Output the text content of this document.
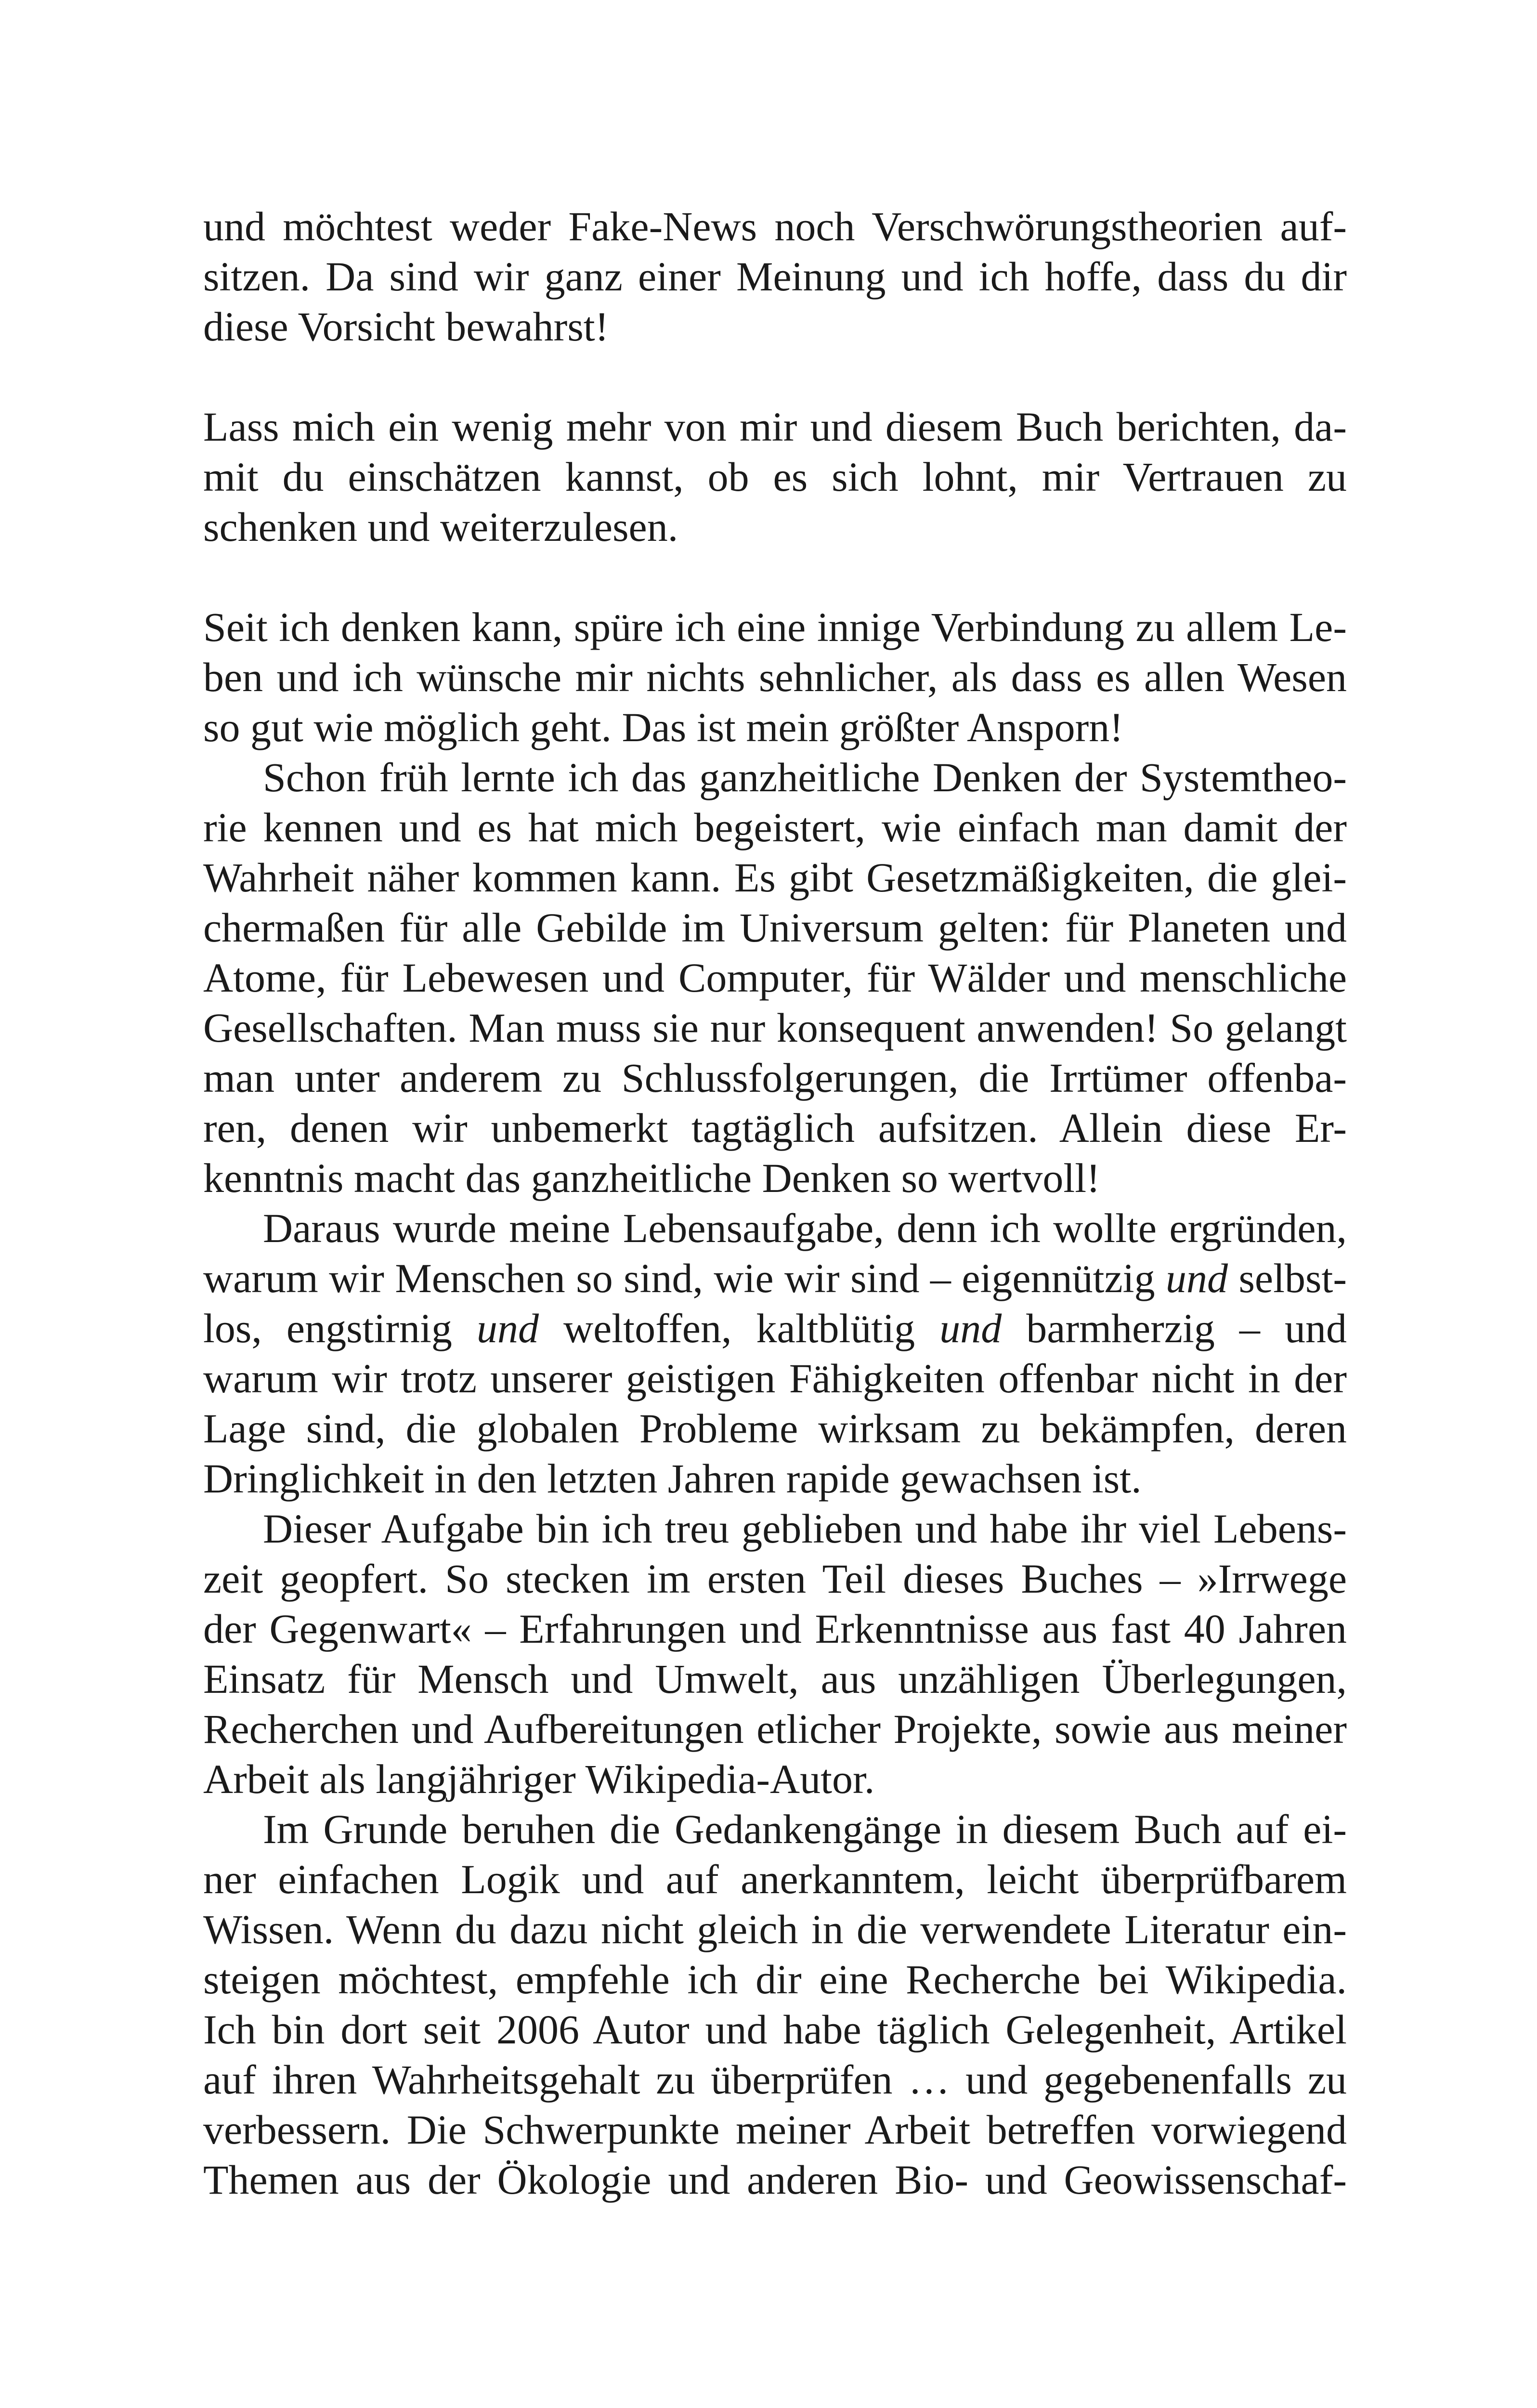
und möchtest weder Fake-News noch Verschwörungstheorien auf-
sitzen. Da sind wir ganz einer Meinung und ich hoffe, dass du dir
diese Vorsicht bewahrst!
Lass mich ein wenig mehr von mir und diesem Buch berichten, da-
mit du einschätzen kannst, ob es sich lohnt, mir Vertrauen zu
schenken und weiterzulesen.
Seit ich denken kann, spüre ich eine innige Verbindung zu allem Le-
ben und ich wünsche mir nichts sehnlicher, als dass es allen Wesen
so gut wie möglich geht. Das ist mein größter Ansporn!
Schon früh lernte ich das ganzheitliche Denken der Systemtheo-
rie kennen und es hat mich begeistert, wie einfach man damit der
Wahrheit näher kommen kann. Es gibt Gesetzmäßigkeiten, die glei-
chermaßen für alle Gebilde im Universum gelten: für Planeten und
Atome, für Lebewesen und Computer, für Wälder und menschliche
Gesellschaften. Man muss sie nur konsequent anwenden! So gelangt
man unter anderem zu Schlussfolgerungen, die Irrtümer offenba-
ren, denen wir unbemerkt tagtäglich aufsitzen. Allein diese Er-
kenntnis macht das ganzheitliche Denken so wertvoll!
Daraus wurde meine Lebensaufgabe, denn ich wollte ergründen,
warum wir Menschen so sind, wie wir sind – eigennützig und selbst-
los, engstirnig und weltoffen, kaltblütig und barmherzig – und
warum wir trotz unserer geistigen Fähigkeiten offenbar nicht in der
Lage sind, die globalen Probleme wirksam zu bekämpfen, deren
Dringlichkeit in den letzten Jahren rapide gewachsen ist.
Dieser Aufgabe bin ich treu geblieben und habe ihr viel Lebens-
zeit geopfert. So stecken im ersten Teil dieses Buches – »Irrwege
der Gegenwart« – Erfahrungen und Erkenntnisse aus fast 40 Jahren
Einsatz für Mensch und Umwelt, aus unzähligen Überlegungen,
Recherchen und Aufbereitungen etlicher Projekte, sowie aus meiner
Arbeit als langjähriger Wikipedia-Autor.
Im Grunde beruhen die Gedankengänge in diesem Buch auf ei-
ner einfachen Logik und auf anerkanntem, leicht überprüfbarem
Wissen. Wenn du dazu nicht gleich in die verwendete Literatur ein-
steigen möchtest, empfehle ich dir eine Recherche bei Wikipedia.
Ich bin dort seit 2006 Autor und habe täglich Gelegenheit, Artikel
auf ihren Wahrheitsgehalt zu überprüfen … und gegebenenfalls zu
verbessern. Die Schwerpunkte meiner Arbeit betreffen vorwiegend
Themen aus der Ökologie und anderen Bio- und Geowissenschaf-
